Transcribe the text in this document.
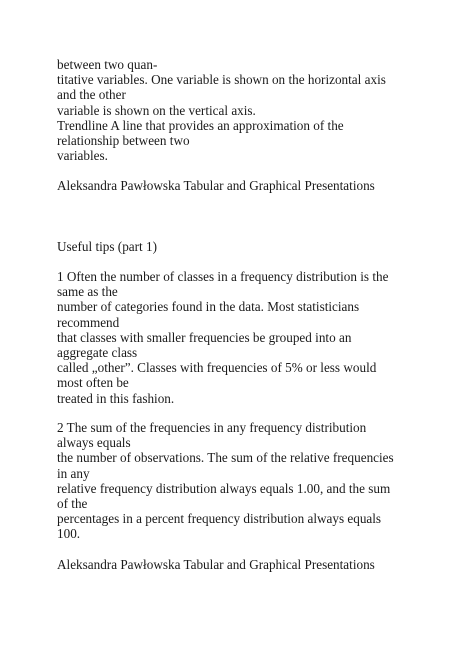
between two quan-
titative variables. One variable is shown on the horizontal axis
and the other
variable is shown on the vertical axis.
Trendline A line that provides an approximation of the
relationship between two
variables.
Aleksandra Pawłowska Tabular and Graphical Presentations
Useful tips (part 1)
1 Often the number of classes in a frequency distribution is the
same as the
number of categories found in the data. Most statisticians
recommend
that classes with smaller frequencies be grouped into an
aggregate class
called „other”. Classes with frequencies of 5% or less would
most often be
treated in this fashion.
2 The sum of the frequencies in any frequency distribution
always equals
the number of observations. The sum of the relative frequencies
in any
relative frequency distribution always equals 1.00, and the sum
of the
percentages in a percent frequency distribution always equals
100.
Aleksandra Pawłowska Tabular and Graphical Presentations
